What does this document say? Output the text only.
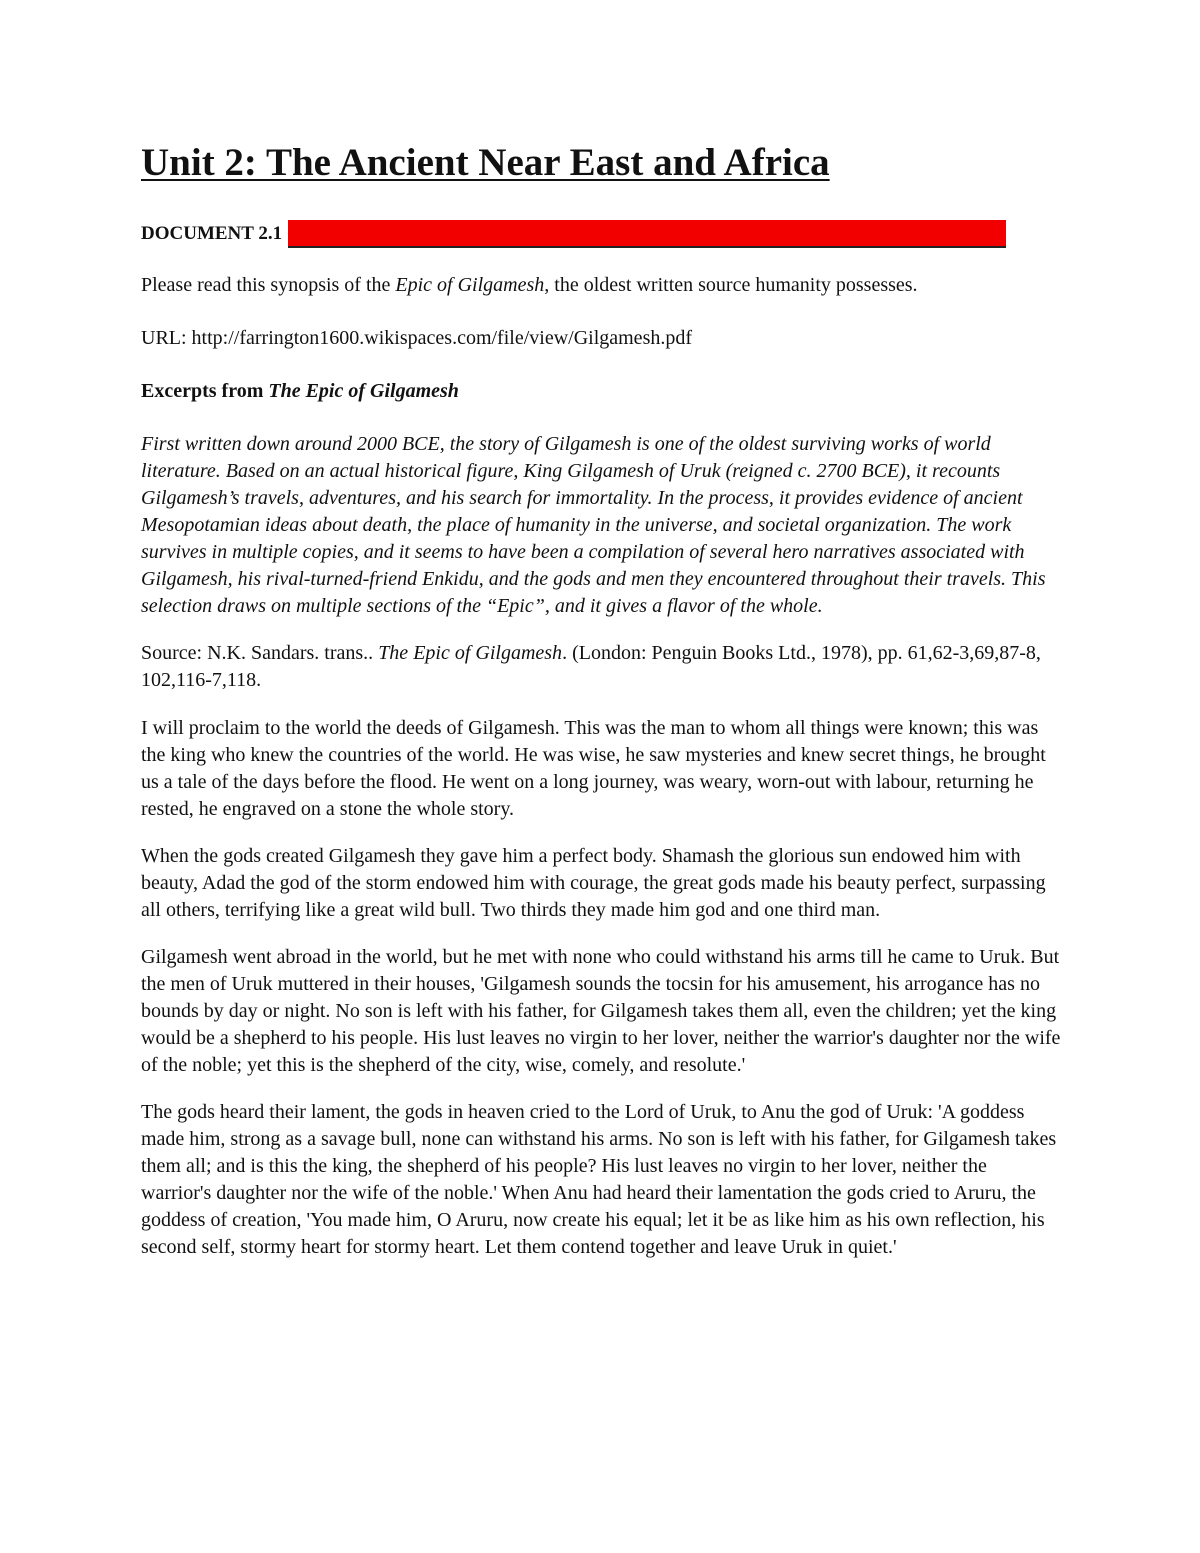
Unit 2: The Ancient Near East and Africa
DOCUMENT 2.1

Please read this synopsis of the Epic of Gilgamesh, the oldest written source humanity possesses.

URL: http://farrington1600.wikispaces.com/file/view/Gilgamesh.pdf

Excerpts from The Epic of Gilgamesh

First written down around 2000 BCE, the story of Gilgamesh is one of the oldest surviving works of world literature. Based on an actual historical figure, King Gilgamesh of Uruk (reigned c. 2700 BCE), it recounts Gilgamesh’s travels, adventures, and his search for immortality. In the process, it provides evidence of ancient Mesopotamian ideas about death, the place of humanity in the universe, and societal organization. The work survives in multiple copies, and it seems to have been a compilation of several hero narratives associated with Gilgamesh, his rival-turned-friend Enkidu, and the gods and men they encountered throughout their travels. This selection draws on multiple sections of the “Epic”, and it gives a flavor of the whole.

Source: N.K. Sandars. trans.. The Epic of Gilgamesh. (London: Penguin Books Ltd., 1978), pp. 61,62-3,69,87-8, 102,116-7,118.

I will proclaim to the world the deeds of Gilgamesh. This was the man to whom all things were known; this was the king who knew the countries of the world. He was wise, he saw mysteries and knew secret things, he brought us a tale of the days before the flood. He went on a long journey, was weary, worn-out with labour, returning he rested, he engraved on a stone the whole story.

When the gods created Gilgamesh they gave him a perfect body. Shamash the glorious sun endowed him with beauty, Adad the god of the storm endowed him with courage, the great gods made his beauty perfect, surpassing all others, terrifying like a great wild bull. Two thirds they made him god and one third man.

Gilgamesh went abroad in the world, but he met with none who could withstand his arms till he came to Uruk. But the men of Uruk muttered in their houses, 'Gilgamesh sounds the tocsin for his amusement, his arrogance has no bounds by day or night. No son is left with his father, for Gilgamesh takes them all, even the children; yet the king would be a shepherd to his people. His lust leaves no virgin to her lover, neither the warrior's daughter nor the wife of the noble; yet this is the shepherd of the city, wise, comely, and resolute.'

The gods heard their lament, the gods in heaven cried to the Lord of Uruk, to Anu the god of Uruk: 'A goddess made him, strong as a savage bull, none can withstand his arms. No son is left with his father, for Gilgamesh takes them all; and is this the king, the shepherd of his people? His lust leaves no virgin to her lover, neither the warrior's daughter nor the wife of the noble.' When Anu had heard their lamentation the gods cried to Aruru, the goddess of creation, 'You made him, O Aruru, now create his equal; let it be as like him as his own reflection, his second self, stormy heart for stormy heart. Let them contend together and leave Uruk in quiet.'
